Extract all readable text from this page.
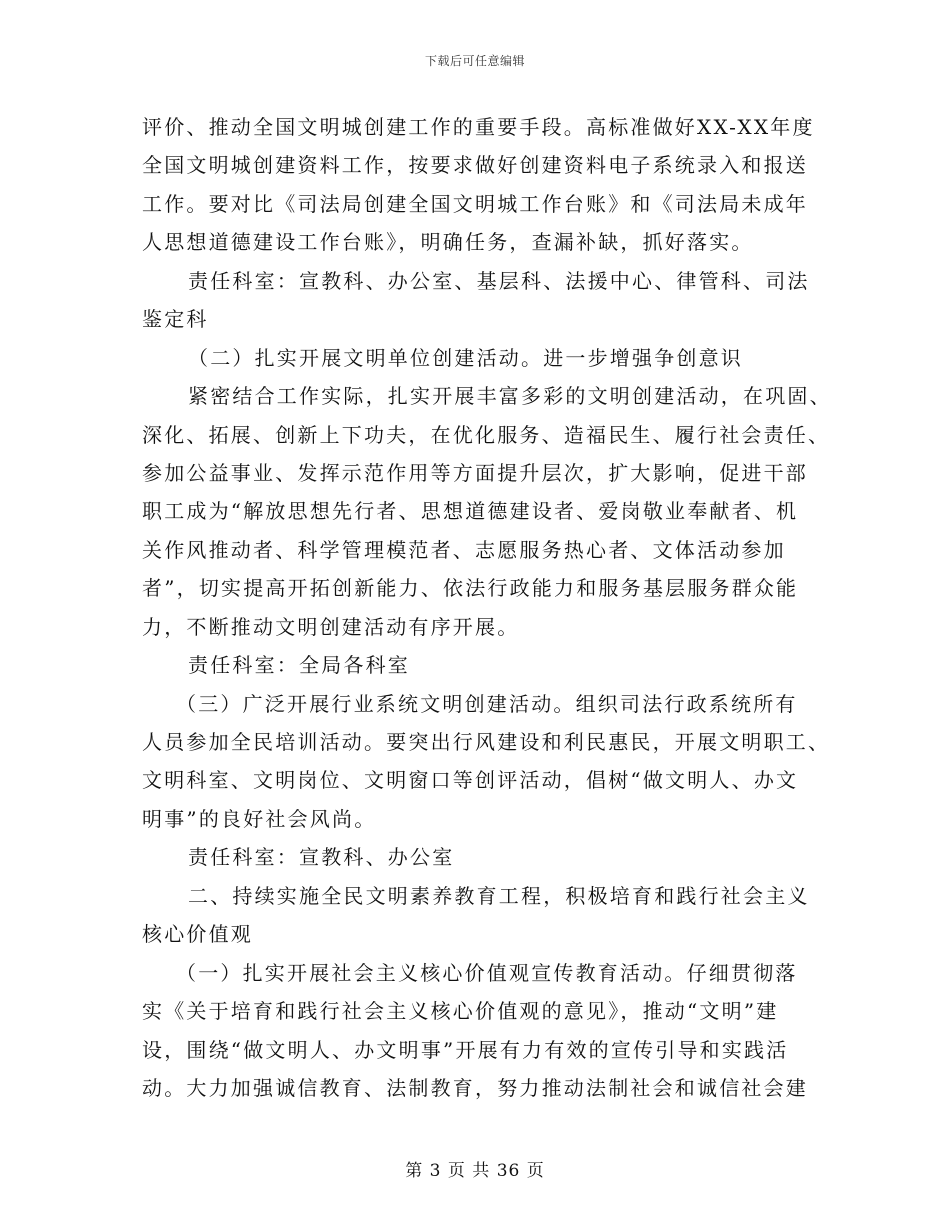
下载后可任意编辑
评价、推动全国文明城创建工作的重要手段。高标准做好XX-XX年度
全国文明城创建资料工作，按要求做好创建资料电子系统录入和报送
工作。要对比《司法局创建全国文明城工作台账》和《司法局未成年
人思想道德建设工作台账》，明确任务，查漏补缺，抓好落实。
责任科室：宣教科、办公室、基层科、法援中心、律管科、司法
鉴定科
（二）扎实开展文明单位创建活动。进一步增强争创意识
紧密结合工作实际，扎实开展丰富多彩的文明创建活动，在巩固、
深化、拓展、创新上下功夫，在优化服务、造福民生、履行社会责任、
参加公益事业、发挥示范作用等方面提升层次，扩大影响，促进干部
职工成为“解放思想先行者、思想道德建设者、爱岗敬业奉献者、机
关作风推动者、科学管理模范者、志愿服务热心者、文体活动参加
者”，切实提高开拓创新能力、依法行政能力和服务基层服务群众能
力，不断推动文明创建活动有序开展。
责任科室：全局各科室
（三）广泛开展行业系统文明创建活动。组织司法行政系统所有
人员参加全民培训活动。要突出行风建设和利民惠民，开展文明职工、
文明科室、文明岗位、文明窗口等创评活动，倡树“做文明人、办文
明事”的良好社会风尚。
责任科室：宣教科、办公室
二、持续实施全民文明素养教育工程，积极培育和践行社会主义
核心价值观
（一）扎实开展社会主义核心价值观宣传教育活动。仔细贯彻落
实《关于培育和践行社会主义核心价值观的意见》，推动“文明”建
设，围绕“做文明人、办文明事”开展有力有效的宣传引导和实践活
动。大力加强诚信教育、法制教育，努力推动法制社会和诚信社会建
第 3 页 共 36 页
